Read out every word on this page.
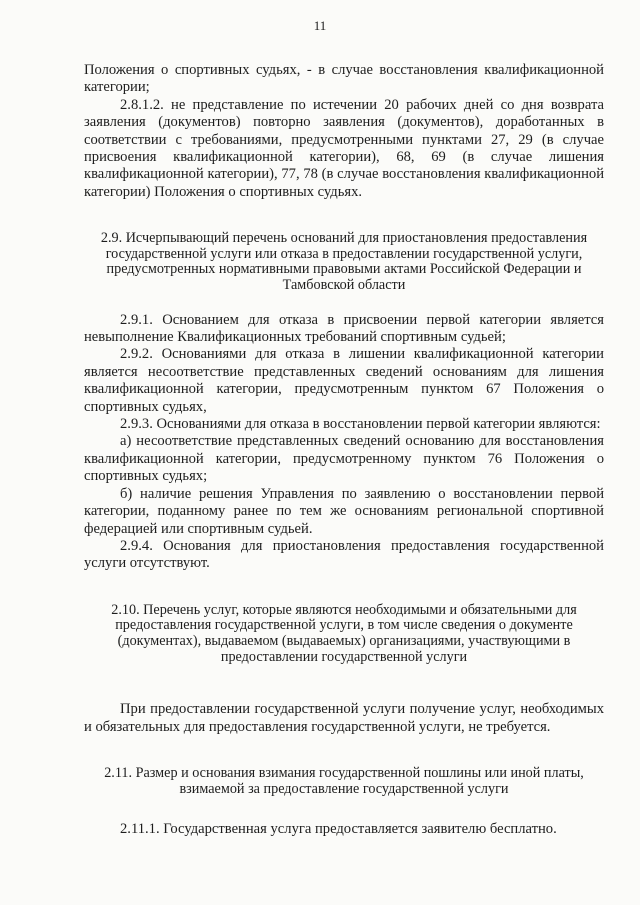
11

Положения о спортивных судьях, - в случае восстановления квалификационной категории;

2.8.1.2. не представление по истечении 20 рабочих дней со дня возврата заявления (документов) повторно заявления (документов), доработанных в соответствии с требованиями, предусмотренными пунктами 27, 29 (в случае присвоения квалификационной категории), 68, 69 (в случае лишения квалификационной категории), 77, 78 (в случае восстановления квалификационной категории) Положения о спортивных судьях.

2.9. Исчерпывающий перечень оснований для приостановления предоставления государственной услуги или отказа в предоставлении государственной услуги, предусмотренных нормативными правовыми актами Российской Федерации и Тамбовской области

2.9.1. Основанием для отказа в присвоении первой категории является невыполнение Квалификационных требований спортивным судьей;

2.9.2. Основаниями для отказа в лишении квалификационной категории является несоответствие представленных сведений основаниям для лишения квалификационной категории, предусмотренным пунктом 67 Положения о спортивных судьях,

2.9.3. Основаниями для отказа в восстановлении первой категории являются:

а) несоответствие представленных сведений основанию для восстановления квалификационной категории, предусмотренному пунктом 76 Положения о спортивных судьях;

б) наличие решения Управления по заявлению о восстановлении первой категории, поданному ранее по тем же основаниям региональной спортивной федерацией или спортивным судьей.

2.9.4. Основания для приостановления предоставления государственной услуги отсутствуют.

2.10. Перечень услуг, которые являются необходимыми и обязательными для предоставления государственной услуги, в том числе сведения о документе (документах), выдаваемом (выдаваемых) организациями, участвующими в предоставлении государственной услуги

При предоставлении государственной услуги получение услуг, необходимых и обязательных для предоставления государственной услуги, не требуется.

2.11. Размер и основания взимания государственной пошлины или иной платы, взимаемой за предоставление государственной услуги

2.11.1. Государственная услуга предоставляется заявителю бесплатно.
